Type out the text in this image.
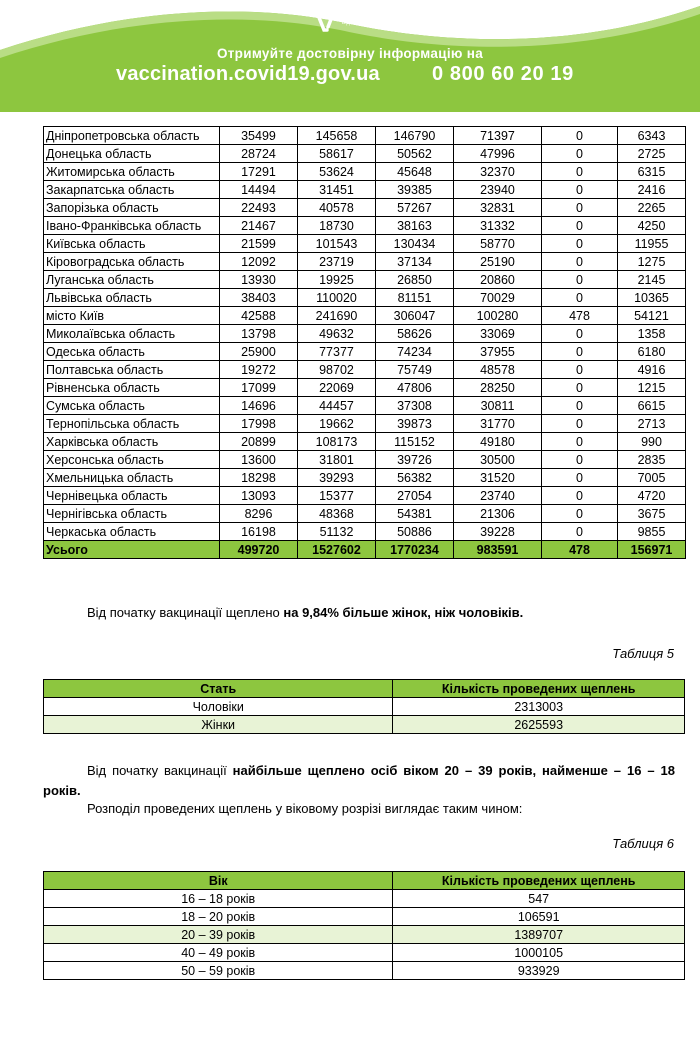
Вакцинація
від COVID-19
Отримуйте достовірну інформацію на
vaccination.covid19.gov.ua	0 800 60 20 19
Дніпропетровська область	35499	145658	146790	71397	0	6343
Донецька область	28724	58617	50562	47996	0	2725
Житомирська область	17291	53624	45648	32370	0	6315
Закарпатська область	14494	31451	39385	23940	0	2416
Запорізька область	22493	40578	57267	32831	0	2265
Івано-Франківська область	21467	18730	38163	31332	0	4250
Київська область	21599	101543	130434	58770	0	11955
Кіровоградська область	12092	23719	37134	25190	0	1275
Луганська область	13930	19925	26850	20860	0	2145
Львівська область	38403	110020	81151	70029	0	10365
місто Київ	42588	241690	306047	100280	478	54121
Миколаївська область	13798	49632	58626	33069	0	1358
Одеська область	25900	77377	74234	37955	0	6180
Полтавська область	19272	98702	75749	48578	0	4916
Рівненська область	17099	22069	47806	28250	0	1215
Сумська область	14696	44457	37308	30811	0	6615
Тернопільська область	17998	19662	39873	31770	0	2713
Харківська область	20899	108173	115152	49180	0	990
Херсонська область	13600	31801	39726	30500	0	2835
Хмельницька область	18298	39293	56382	31520	0	7005
Чернівецька область	13093	15377	27054	23740	0	4720
Чернігівська область	8296	48368	54381	21306	0	3675
Черкаська область	16198	51132	50886	39228	0	9855
Усього	499720	1527602	1770234	983591	478	156971
Від початку вакцинації щеплено на 9,84% більше жінок, ніж чоловіків.
Таблиця 5
Стать	Кількість проведених щеплень
Чоловіки	2313003
Жінки	2625593
Від початку вакцинації найбільше щеплено осіб віком 20 – 39 років, найменше – 16 – 18 років.
Розподіл проведених щеплень у віковому розрізі виглядає таким чином:
Таблиця 6
Вік	Кількість проведених щеплень
16 – 18 років	547
18 – 20 років	106591
20 – 39 років	1389707
40 – 49 років	1000105
50 – 59 років	933929
